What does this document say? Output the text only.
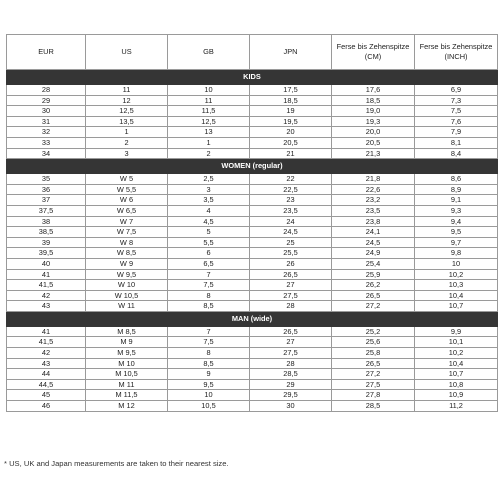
EUR	US	GB	JPN	Ferse bis Zehenspitze (CM)	Ferse bis Zehenspitze (INCH)
KIDS					
28	11	10	17,5	17,6	6,9
29	12	11	18,5	18,5	7,3
30	12,5	11,5	19	19,0	7,5
31	13,5	12,5	19,5	19,3	7,6
32	1	13	20	20,0	7,9
33	2	1	20,5	20,5	8,1
34	3	2	21	21,3	8,4
WOMEN (regular)					
35	W 5	2,5	22	21,8	8,6
36	W 5,5	3	22,5	22,6	8,9
37	W 6	3,5	23	23,2	9,1
37,5	W 6,5	4	23,5	23,5	9,3
38	W 7	4,5	24	23,8	9,4
38,5	W 7,5	5	24,5	24,1	9,5
39	W 8	5,5	25	24,5	9,7
39,5	W 8,5	6	25,5	24,9	9,8
40	W 9	6,5	26	25,4	10
41	W 9,5	7	26,5	25,9	10,2
41,5	W 10	7,5	27	26,2	10,3
42	W 10,5	8	27,5	26,5	10,4
43	W 11	8,5	28	27,2	10,7
MAN (wide)					
41	M 8,5	7	26,5	25,2	9,9
41,5	M 9	7,5	27	25,6	10,1
42	M 9,5	8	27,5	25,8	10,2
43	M 10	8,5	28	26,5	10,4
44	M 10,5	9	28,5	27,2	10,7
44,5	M 11	9,5	29	27,5	10,8
45	M 11,5	10	29,5	27,8	10,9
46	M 12	10,5	30	28,5	11,2
* US, UK and Japan measurements are taken to their nearest size.
